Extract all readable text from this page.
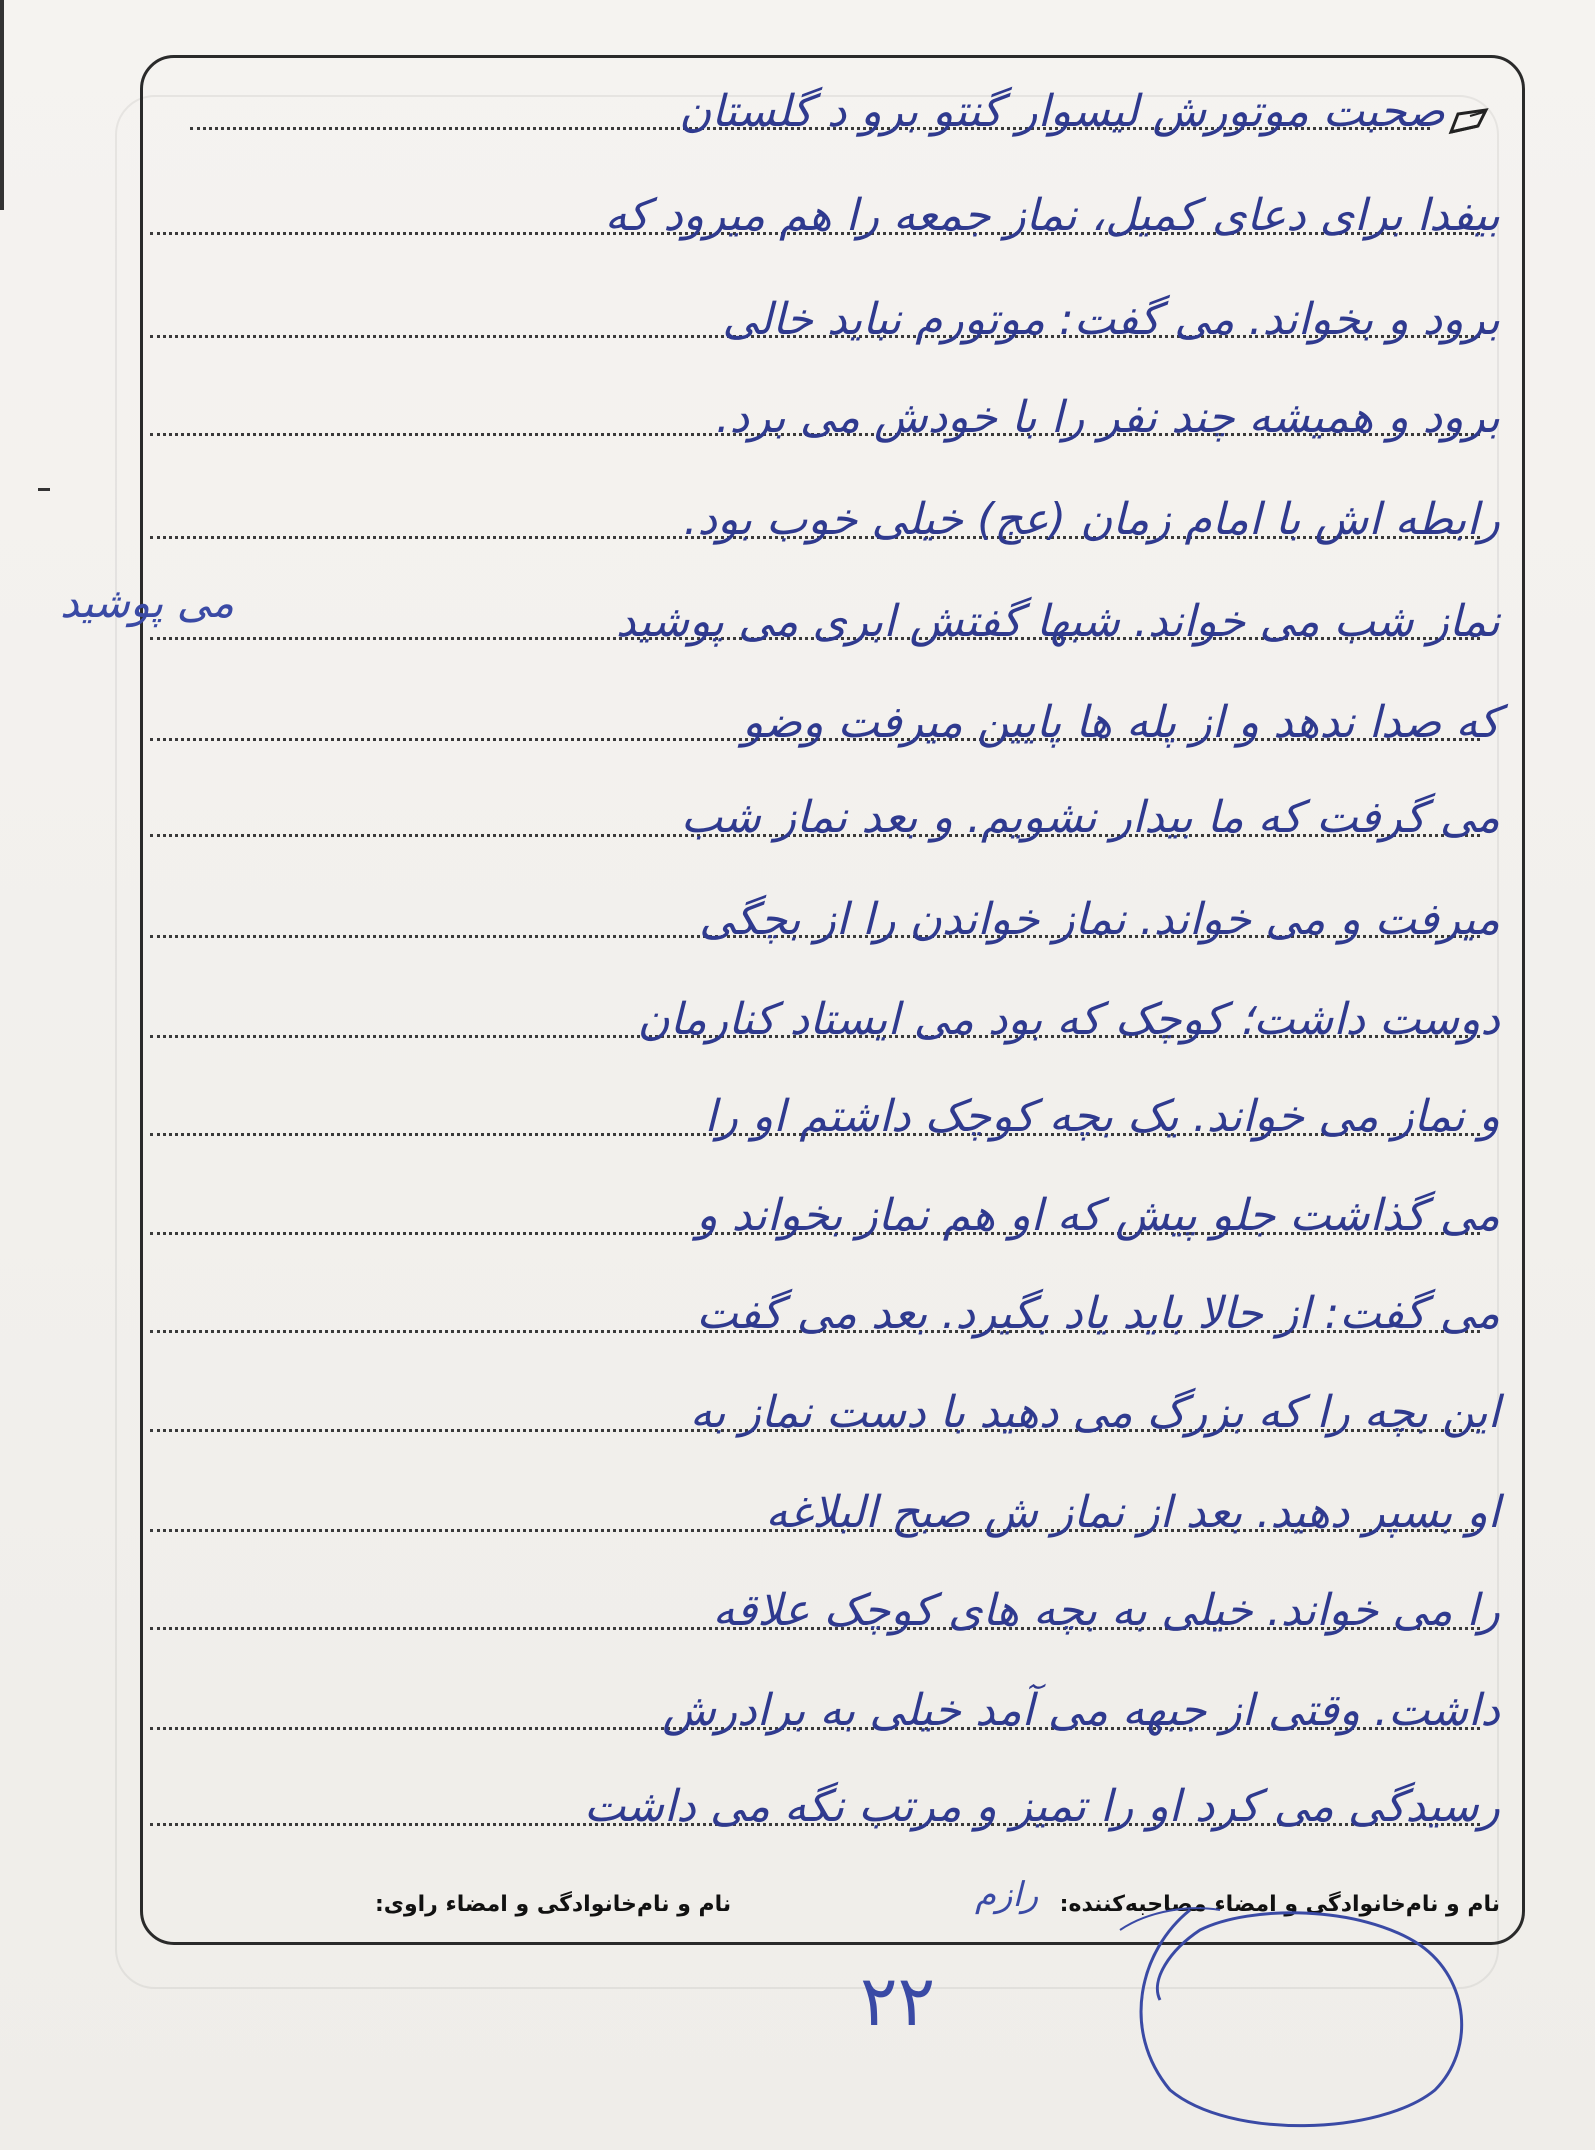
صحبت موتورش لیسوار گنتو برو د گلستان
بیفدا برای دعای کمیل، نماز جمعه را هم میرود که
برود و بخواند. می گفت: موتورم نباید خالی
برود و همیشه چند نفر را با خودش می برد.
رابطه اش با امام زمان (عج) خیلی خوب بود.
نماز شب می خواند. شبها گفتش ابری می پوشید
که صدا ندهد و از پله ها پایین میرفت وضو
می گرفت که ما بیدار نشویم. و بعد نماز شب
میرفت و می خواند. نماز خواندن را از بچگی
دوست داشت؛ کوچک که بود می ایستاد کنارمان
و نماز می خواند. یک بچه کوچک داشتم او را
می گذاشت جلو پیش که او هم نماز بخواند و
می گفت: از حالا باید یاد بگیرد. بعد می گفت
این بچه را که بزرگ می دهید با دست نماز به
او بسپر دهید. بعد از نماز ش صبح البلاغه
را می خواند. خیلی به بچه های کوچک علاقه
داشت. وقتی از جبهه می آمد خیلی به برادرش
رسیدگی می کرد او را تمیز و مرتب نگه می داشت
می پوشید
نام و نام‌خانوادگی و امضاء مصاحبه‌کننده:
رازم
نام و نام‌خانوادگی و امضاء راوی:
۲۲
